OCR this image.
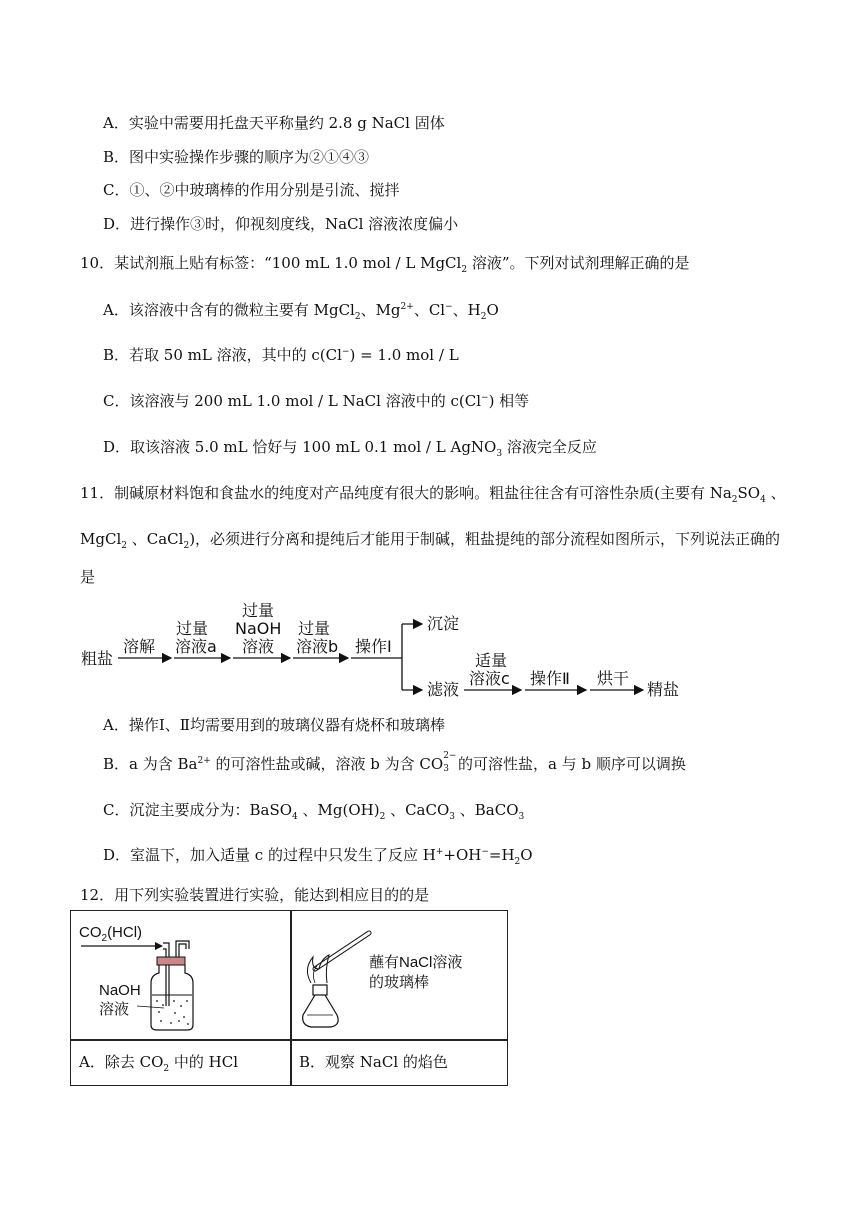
A．实验中需要用托盘天平称量约 2.8 g NaCl 固体
B．图中实验操作步骤的顺序为②①④③
C．①、②中玻璃棒的作用分别是引流、搅拌
D．进行操作③时，仰视刻度线，NaCl 溶液浓度偏小
10．某试剂瓶上贴有标签：“100 mL 1.0 mol / L MgCl$_2$ 溶液”。下列对试剂理解正确的是
A．该溶液中含有的微粒主要有 MgCl$_2$、$Mg^{2+}$、Cl−、$H_2O$
B．若取 50 mL 溶液，其中的 c(Cl−) = 1.0 mol / L
C．该溶液与 200 mL 1.0 mol / L NaCl 溶液中的 c(Cl−) 相等
D．取该溶液 5.0 mL 恰好与 100 mL 0.1 mol / L AgNO$_3$ 溶液完全反应
11．制碱原材料饱和食盐水的纯度对产品纯度有很大的影响。粗盐往往含有可溶性杂质(主要有 $Na_2SO_4$ 、
MgCl$_2$ 、CaCl$_2$)，必须进行分离和提纯后才能用于制碱，粗盐提纯的部分流程如图所示，下列说法正确的
是
粗盐
溶解
过量
溶液a
过量
NaOH
溶液
过量
溶液b 操作Ⅰ
沉淀
滤液
适量
溶液c 操作Ⅱ 烘干
精盐
A．操作Ⅰ、Ⅱ均需要用到的玻璃仪器有烧杯和玻璃棒
B．a 为含 $Ba^{2+}$ 的可溶性盐或碱，溶液 b 为含 CO 2−
3 的可溶性盐，a 与 b 顺序可以调换
C．沉淀主要成分为：BaSO$_4$ 、$Mg(OH)_2$ 、CaCO$_3$ 、BaCO$_3$
D．室温下，加入适量 c 的过程中只发生了反应 $H^++OH^-=H_2O$
12．用下列实验装置进行实验，能达到相应目的的是
$CO_2(HCl)$
NaOH
溶液
蘸有NaCl溶液
的玻璃棒
A．除去 $CO_2$ 中的 HCl	B．观察 NaCl 的焰色
